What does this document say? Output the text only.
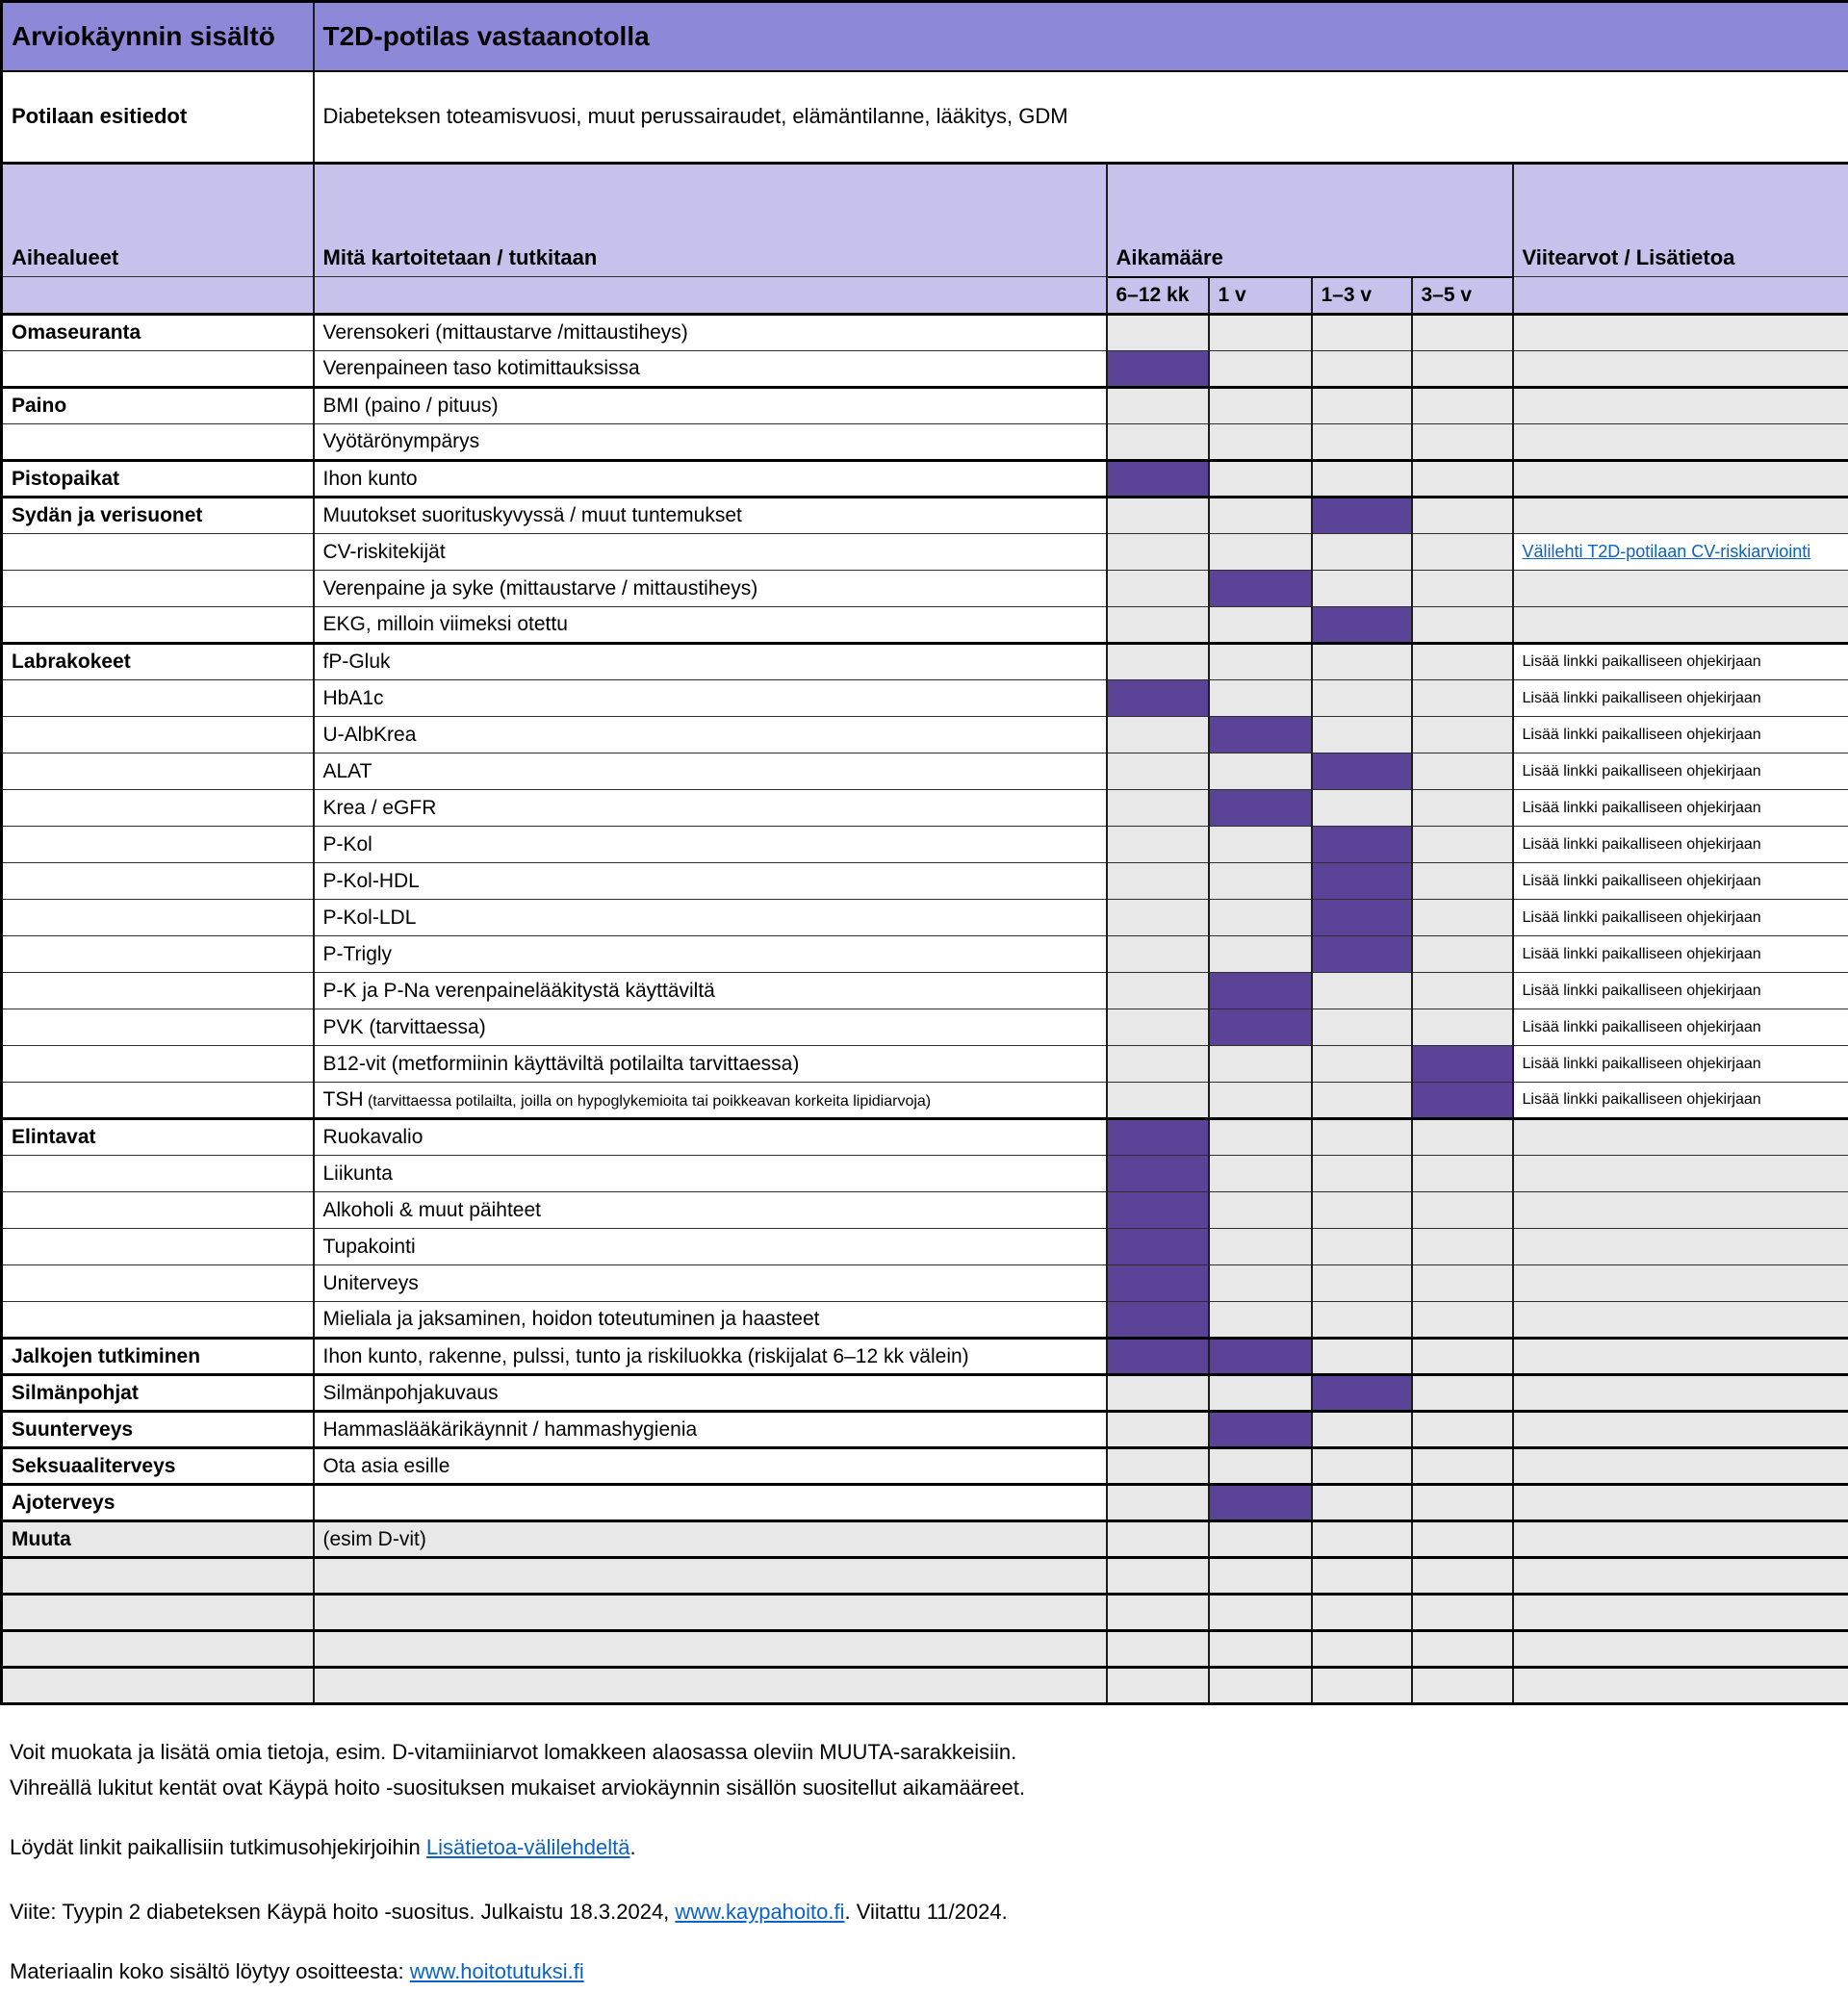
Arviokäynnin sisältö	T2D-potilas vastaanotolla					
Potilaan esitiedot	Diabeteksen toteamisvuosi, muut perussairaudet, elämäntilanne, lääkitys, GDM					
Aihealueet	Mitä kartoitetaan / tutkitaan	Aikamääre				Viitearvot / Lisätietoa
		6–12 kk	1 v	1–3 v	3–5 v	
Omaseuranta	Verensokeri (mittaustarve /mittaustiheys)					
	Verenpaineen taso kotimittauksissa					
Paino	BMI (paino / pituus)					
	Vyötärönympärys					
Pistopaikat	Ihon kunto					
Sydän ja verisuonet	Muutokset suorituskyvyssä / muut tuntemukset					
	CV-riskitekijät					Välilehti T2D-potilaan CV-riskiarviointi
	Verenpaine ja syke (mittaustarve / mittaustiheys)					
	EKG, milloin viimeksi otettu					
Labrakokeet	fP-Gluk					Lisää linkki paikalliseen ohjekirjaan
	HbA1c					Lisää linkki paikalliseen ohjekirjaan
	U-AlbKrea					Lisää linkki paikalliseen ohjekirjaan
	ALAT					Lisää linkki paikalliseen ohjekirjaan
	Krea / eGFR					Lisää linkki paikalliseen ohjekirjaan
	P-Kol					Lisää linkki paikalliseen ohjekirjaan
	P-Kol-HDL					Lisää linkki paikalliseen ohjekirjaan
	P-Kol-LDL					Lisää linkki paikalliseen ohjekirjaan
	P-Trigly					Lisää linkki paikalliseen ohjekirjaan
	P-K ja P-Na verenpainelääkitystä käyttäviltä					Lisää linkki paikalliseen ohjekirjaan
	PVK (tarvittaessa)					Lisää linkki paikalliseen ohjekirjaan
	B12-vit (metformiinin käyttäviltä potilailta tarvittaessa)					Lisää linkki paikalliseen ohjekirjaan
	TSH (tarvittaessa potilailta, joilla on hypoglykemioita tai poikkeavan korkeita lipidiarvoja)					Lisää linkki paikalliseen ohjekirjaan
Elintavat	Ruokavalio					
	Liikunta					
	Alkoholi & muut päihteet					
	Tupakointi					
	Uniterveys					
	Mieliala ja jaksaminen, hoidon toteutuminen ja haasteet					
Jalkojen tutkiminen	Ihon kunto, rakenne, pulssi, tunto ja riskiluokka (riskijalat 6–12 kk välein)					
Silmänpohjat	Silmänpohjakuvaus					
Suunterveys	Hammaslääkärikäynnit / hammashygienia					
Seksuaaliterveys	Ota asia esille					
Ajoterveys						
Muuta	(esim D-vit)					

Voit muokata ja lisätä omia tietoja, esim. D-vitamiiniarvot lomakkeen alaosassa oleviin MUUTA-sarakkeisiin.
Vihreällä lukitut kentät ovat Käypä hoito -suosituksen mukaiset arviokäynnin sisällön suositellut aikamääreet.
Löydät linkit paikallisiin tutkimusohjekirjoihin Lisätietoa-välilehdeltä.
Viite: Tyypin 2 diabeteksen Käypä hoito -suositus. Julkaistu 18.3.2024, www.kaypahoito.fi. Viitattu 11/2024.
Materiaalin koko sisältö löytyy osoitteesta: www.hoitotutuksi.fi
